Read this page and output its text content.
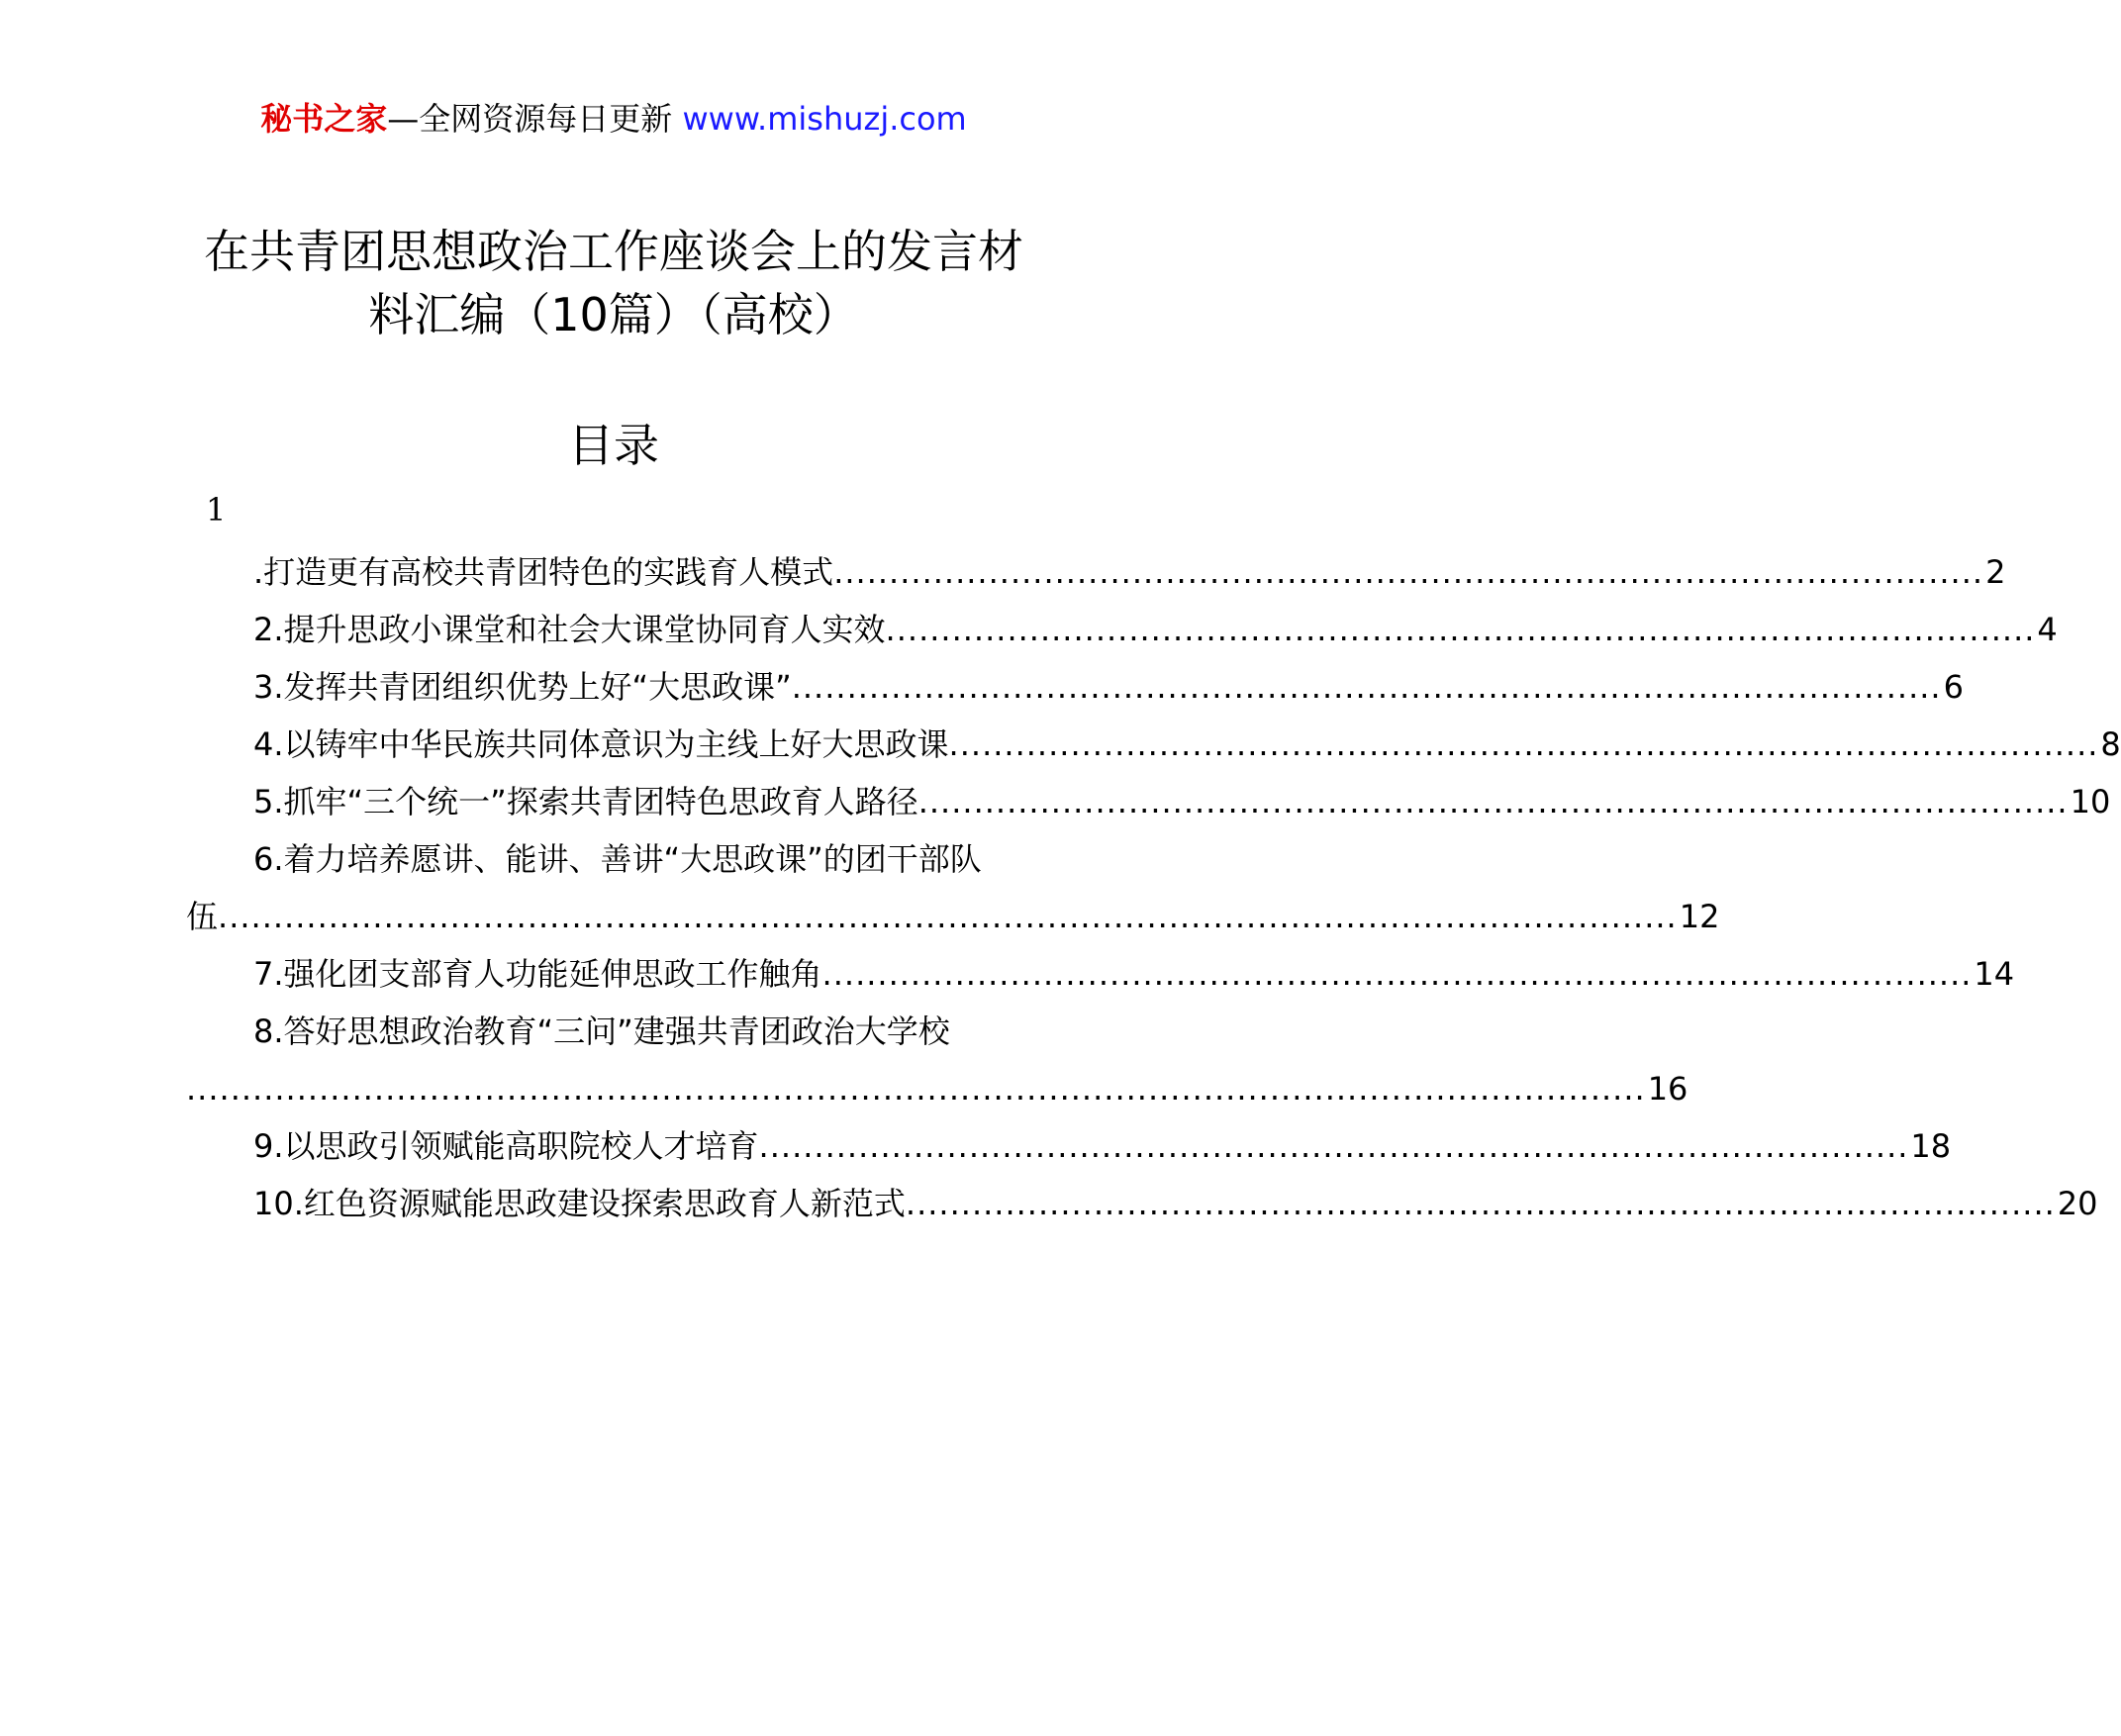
秘书之家—全网资源每日更新 www.mishuzj.com
在共青团思想政治工作座谈会上的发言材
料汇编（10篇）（高校）
目录
1
.打造更有高校共青团特色的实践育人模式 ........................................................................................................ 2
2.提升思政小课堂和社会大课堂协同育人实效 ........................................................................................................ 4
3.发挥共青团组织优势上好“大思政课” ........................................................................................................ 6
4.以铸牢中华民族共同体意识为主线上好大思政课 ........................................................................................................ 8
5.抓牢“三个统一”探索共青团特色思政育人路径 ........................................................................................................ 10
6.着力培养愿讲、能讲、善讲“大思政课”的团干部队
伍 .................................................................................................................................... 12
7.强化团支部育人功能延伸思政工作触角 ........................................................................................................ 14
8.答好思想政治教育“三问”建强共青团政治大学校
.................................................................................................................................... 16
9.以思政引领赋能高职院校人才培育 ........................................................................................................ 18
10.红色资源赋能思政建设探索思政育人新范式 ........................................................................................................ 20
